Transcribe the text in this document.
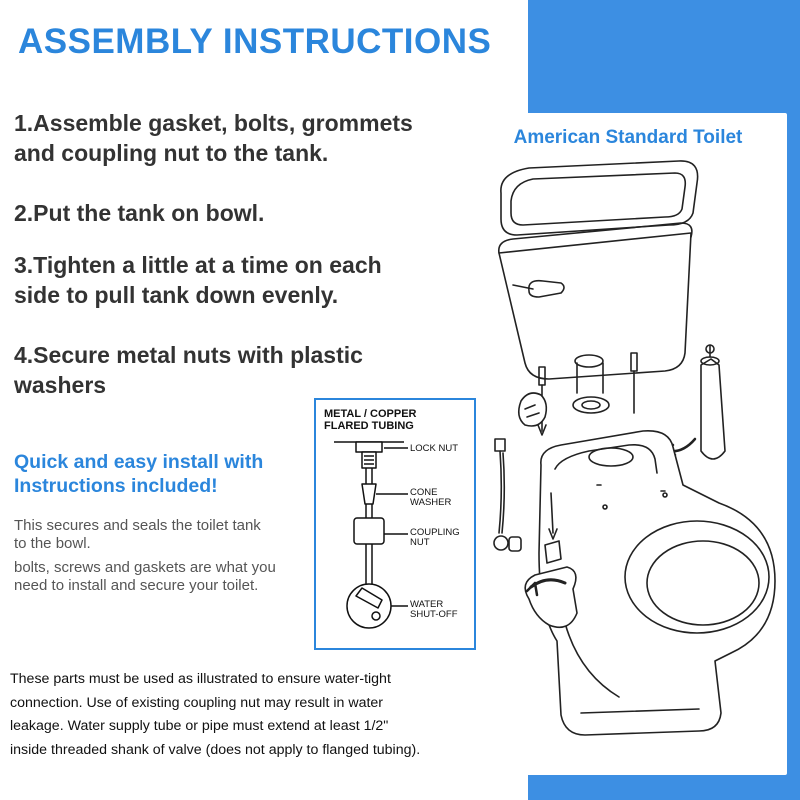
ASSEMBLY INSTRUCTIONS
1.Assemble gasket, bolts, grommets
and coupling nut to the tank.
2.Put the tank on bowl.
3.Tighten a little at a time on each
side to pull tank down evenly.
4.Secure metal nuts with plastic
washers
Quick and easy install with
Instructions included!
This secures and seals the toilet tank
to the bowl.
bolts, screws and gaskets are what you
need to install and secure your toilet.
These parts must be used as illustrated to ensure water-tight
connection. Use of existing coupling nut may result in water
leakage. Water supply tube or pipe must extend at least 1/2"
inside threaded shank of valve (does not apply to flanged tubing).
American Standard Toilet
METAL / COPPER
FLARED TUBING
LOCK NUT
CONE
WASHER
COUPLING
NUT
WATER
SHUT-OFF
